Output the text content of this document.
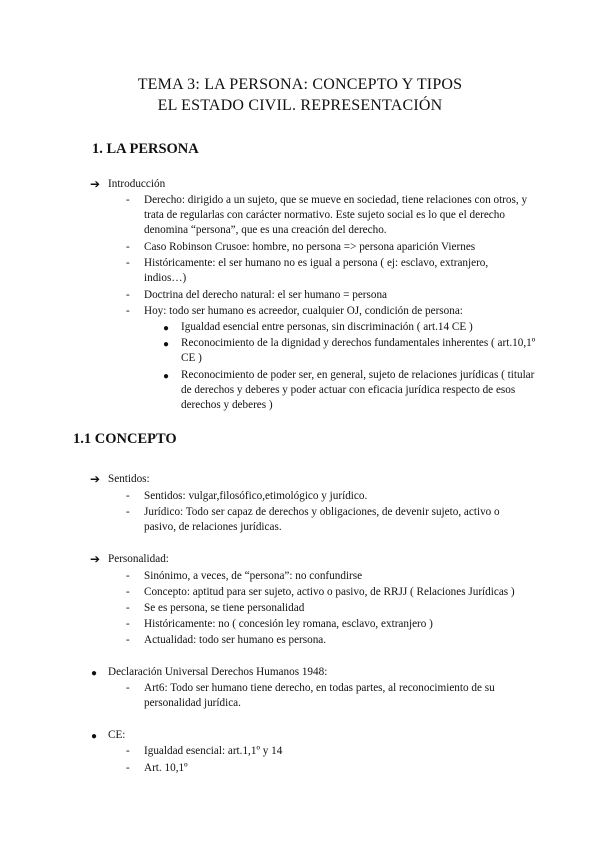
TEMA 3: LA PERSONA: CONCEPTO Y TIPOS
EL ESTADO CIVIL. REPRESENTACIÓN
1. LA PERSONA
➔ Introducción
- Derecho: dirigido a un sujeto, que se mueve en sociedad, tiene relaciones con otros, y
trata de regularlas con carácter normativo. Este sujeto social es lo que el derecho
denomina “persona”, que es una creación del derecho.
- Caso Robinson Crusoe: hombre, no persona => persona aparición Viernes
- Históricamente: el ser humano no es igual a persona ( ej: esclavo, extranjero,
indios…)
- Doctrina del derecho natural: el ser humano = persona
- Hoy: todo ser humano es acreedor, cualquier OJ, condición de persona:
● Igualdad esencial entre personas, sin discriminación ( art.14 CE )
● Reconocimiento de la dignidad y derechos fundamentales inherentes ( art.10,1º
CE )
● Reconocimiento de poder ser, en general, sujeto de relaciones jurídicas ( titular
de derechos y deberes y poder actuar con eficacia jurídica respecto de esos
derechos y deberes )
1.1 CONCEPTO
➔ Sentidos:
- Sentidos: vulgar,filosófico,etimológico y jurídico.
- Jurídico: Todo ser capaz de derechos y obligaciones, de devenir sujeto, activo o
pasivo, de relaciones jurídicas.
➔ Personalidad:
- Sinónimo, a veces, de “persona”: no confundirse
- Concepto: aptitud para ser sujeto, activo o pasivo, de RRJJ ( Relaciones Jurídicas )
- Se es persona, se tiene personalidad
- Históricamente: no ( concesión ley romana, esclavo, extranjero )
- Actualidad: todo ser humano es persona.
● Declaración Universal Derechos Humanos 1948:
- Art6: Todo ser humano tiene derecho, en todas partes, al reconocimiento de su
personalidad jurídica.
● CE:
- Igualdad esencial: art.1,1º y 14
- Art. 10,1º
